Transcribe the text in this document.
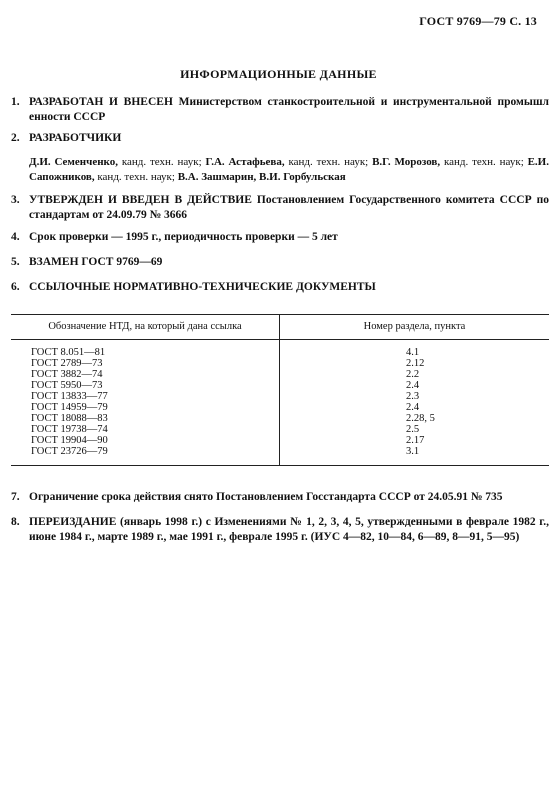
ГОСТ 9769—79 С. 13
ИНФОРМАЦИОННЫЕ ДАННЫЕ
1. РАЗРАБОТАН И ВНЕСЕН Министерством станкостроительной и инструментальной промышл енности СССР
2. РАЗРАБОТЧИКИ
Д.И. Семенченко, канд. техн. наук; Г.А. Астафьева, канд. техн. наук; В.Г. Морозов, канд. техн. наук; Е.И. Сапожников, канд. техн. наук; В.А. Зашмарин, В.И. Горбульская
3. УТВЕРЖДЕН И ВВЕДЕН В ДЕЙСТВИЕ Постановлением Государственного комитета СССР по стандартам от 24.09.79 № 3666
4. Срок проверки — 1995 г., периодичность проверки — 5 лет
5. ВЗАМЕН ГОСТ 9769—69
6. ССЫЛОЧНЫЕ НОРМАТИВНО-ТЕХНИЧЕСКИЕ ДОКУМЕНТЫ
Обозначение НТД, на который дана ссылка	Номер раздела, пункта
ГОСТ 8.051—81
ГОСТ 2789—73
ГОСТ 3882—74
ГОСТ 5950—73
ГОСТ 13833—77
ГОСТ 14959—79
ГОСТ 18088—83
ГОСТ 19738—74
ГОСТ 19904—90
ГОСТ 23726—79
4.1
2.12
2.2
2.4
2.3
2.4
2.28, 5
2.5
2.17
3.1
7. Ограничение срока действия снято Постановлением Госстандарта СССР от 24.05.91 № 735
8. ПЕРЕИЗДАНИЕ (январь 1998 г.) с Изменениями № 1, 2, 3, 4, 5, утвержденными в феврале 1982 г., июне 1984 г., марте 1989 г., мае 1991 г., феврале 1995 г. (ИУС 4—82, 10—84, 6—89, 8—91, 5—95)
